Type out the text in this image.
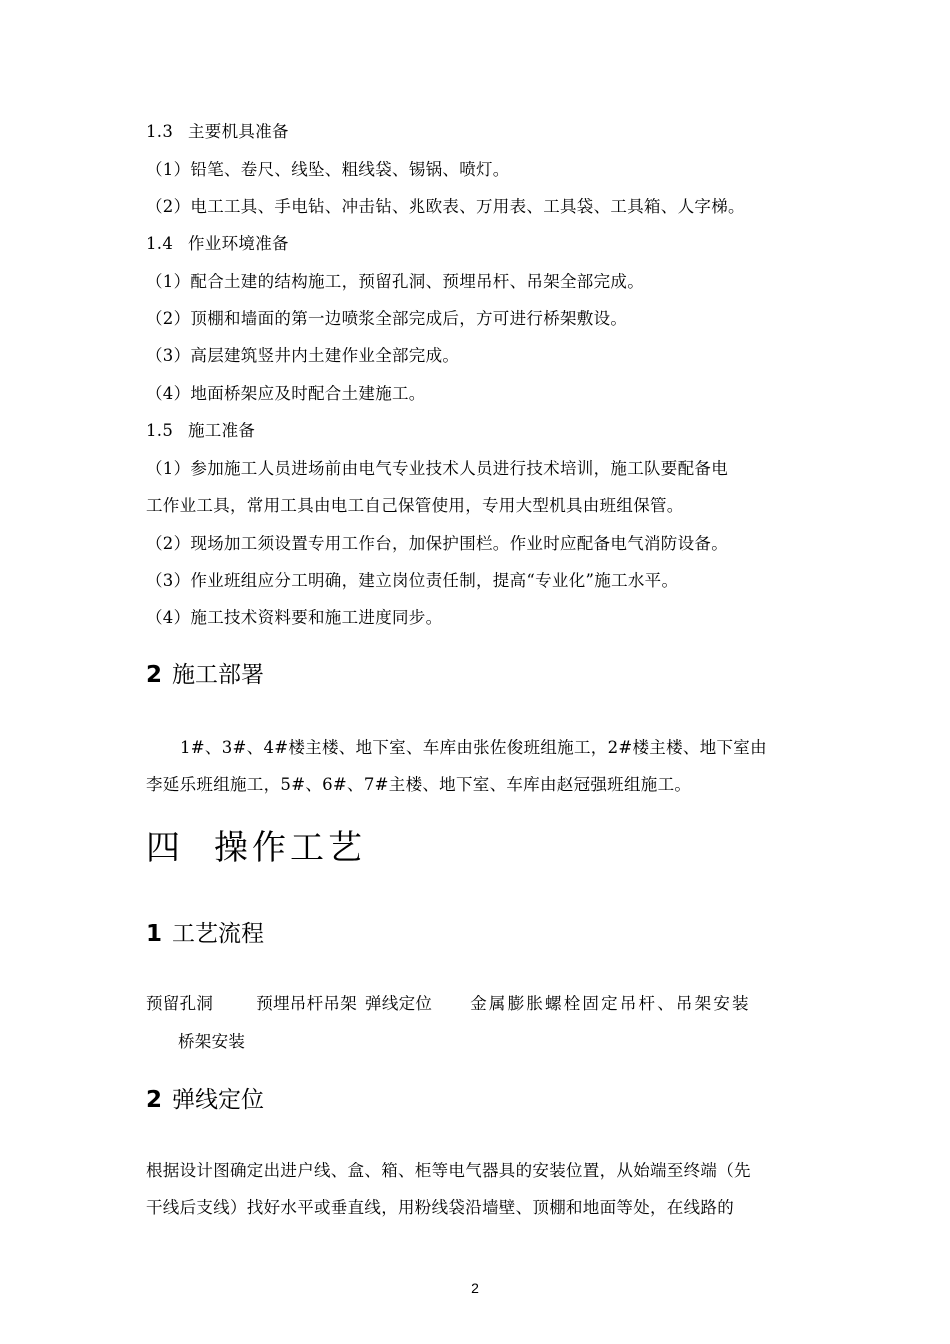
1.3 主要机具准备
（1）铅笔、卷尺、线坠、粗线袋、锡锅、喷灯。
（2）电工工具、手电钻、冲击钻、兆欧表、万用表、工具袋、工具箱、人字梯。
1.4 作业环境准备
（1）配合土建的结构施工，预留孔洞、预埋吊杆、吊架全部完成。
（2）顶棚和墙面的第一边喷浆全部完成后，方可进行桥架敷设。
（3）高层建筑竖井内土建作业全部完成。
（4）地面桥架应及时配合土建施工。
1.5 施工准备
（1）参加施工人员进场前由电气专业技术人员进行技术培训，施工队要配备电
工作业工具，常用工具由电工自己保管使用，专用大型机具由班组保管。
（2）现场加工须设置专用工作台，加保护围栏。作业时应配备电气消防设备。
（3）作业班组应分工明确，建立岗位责任制，提高“专业化”施工水平。
（4）施工技术资料要和施工进度同步。
2 施工部署
1#、3#、4#楼主楼、地下室、车库由张佐俊班组施工，2#楼主楼、地下室由
李延乐班组施工，5#、6#、7#主楼、地下室、车库由赵冠强班组施工。
四 操作工艺
1 工艺流程
预留孔洞	预埋吊杆吊架 弹线定位 金属膨胀螺栓固定吊杆、吊架安装
桥架安装
2 弹线定位
根据设计图确定出进户线、盒、箱、柜等电气器具的安装位置，从始端至终端（先
干线后支线）找好水平或垂直线，用粉线袋沿墙壁、顶棚和地面等处，在线路的
2
